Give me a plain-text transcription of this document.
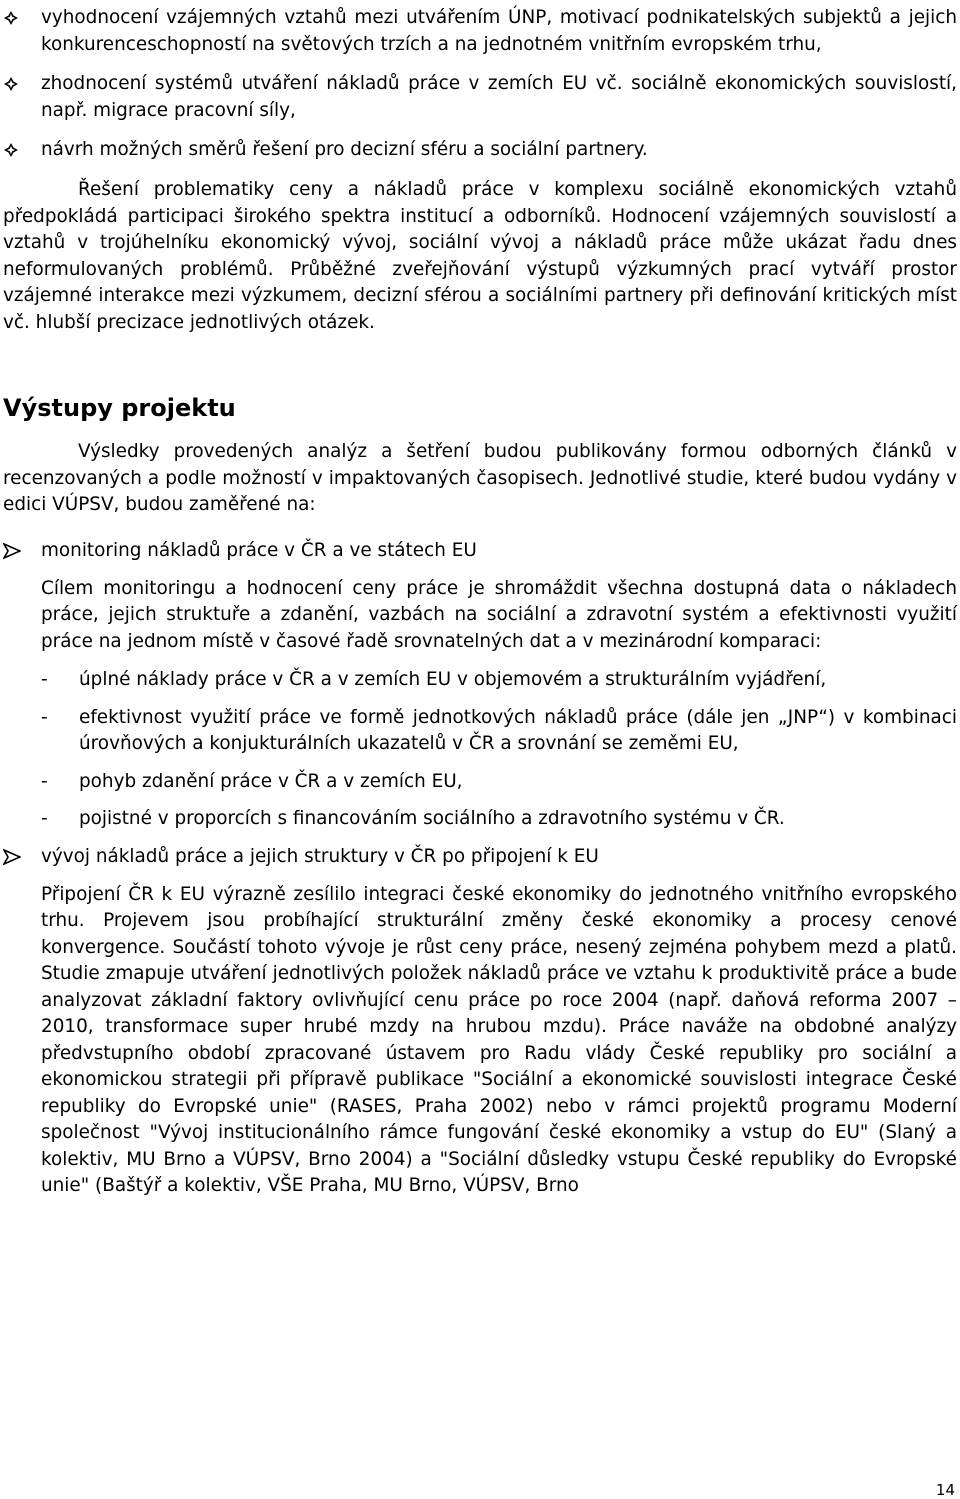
vyhodnocení vzájemných vztahů mezi utvářením ÚNP, motivací podnikatelských subjektů a jejich konkurenceschopností na světových trzích a na jednotném vnitřním evropském trhu,
zhodnocení systémů utváření nákladů práce v zemích EU vč. sociálně ekonomických souvislostí, např. migrace pracovní síly,
návrh možných směrů řešení pro decizní sféru a sociální partnery.

Řešení problematiky ceny a nákladů práce v komplexu sociálně ekonomických vztahů předpokládá participaci širokého spektra institucí a odborníků. Hodnocení vzájemných souvislostí a vztahů v trojúhelníku ekonomický vývoj, sociální vývoj a nákladů práce může ukázat řadu dnes neformulovaných problémů. Průběžné zveřejňování výstupů výzkumných prací vytváří prostor vzájemné interakce mezi výzkumem, decizní sférou a sociálními partnery při definování kritických míst vč. hlubší precizace jednotlivých otázek.

Výstupy projektu

Výsledky provedených analýz a šetření budou publikovány formou odborných článků v recenzovaných a podle možností v impaktovaných časopisech. Jednotlivé studie, které budou vydány v edici VÚPSV, budou zaměřené na:

monitoring nákladů práce v ČR a ve státech EU
Cílem monitoringu a hodnocení ceny práce je shromáždit všechna dostupná data o nákladech práce, jejich struktuře a zdanění, vazbách na sociální a zdravotní systém a efektivnosti využití práce na jednom místě v časové řadě srovnatelných dat a v mezinárodní komparaci:
- úplné náklady práce v ČR a v zemích EU v objemovém a strukturálním vyjádření,
- efektivnost využití práce ve formě jednotkových nákladů práce (dále jen „JNP“) v kombinaci úrovňových a konjukturálních ukazatelů v ČR a srovnání se zeměmi EU,
- pohyb zdanění práce v ČR a v zemích EU,
- pojistné v proporcích s financováním sociálního a zdravotního systému v ČR.
vývoj nákladů práce a jejich struktury v ČR po připojení k EU
Připojení ČR k EU výrazně zesílilo integraci české ekonomiky do jednotného vnitřního evropského trhu. Projevem jsou probíhající strukturální změny české ekonomiky a procesy cenové konvergence. Součástí tohoto vývoje je růst ceny práce, nesený zejména pohybem mezd a platů. Studie zmapuje utváření jednotlivých položek nákladů práce ve vztahu k produktivitě práce a bude analyzovat základní faktory ovlivňující cenu práce po roce 2004 (např. daňová reforma 2007 – 2010, transformace super hrubé mzdy na hrubou mzdu). Práce naváže na obdobné analýzy předvstupního období zpracované ústavem pro Radu vlády České republiky pro sociální a ekonomickou strategii při přípravě publikace "Sociální a ekonomické souvislosti integrace České republiky do Evropské unie" (RASES, Praha 2002) nebo v rámci projektů programu Moderní společnost "Vývoj institucionálního rámce fungování české ekonomiky a vstup do EU" (Slaný a kolektiv, MU Brno a VÚPSV, Brno 2004) a "Sociální důsledky vstupu České republiky do Evropské unie" (Baštýř a kolektiv, VŠE Praha, MU Brno, VÚPSV, Brno
14
